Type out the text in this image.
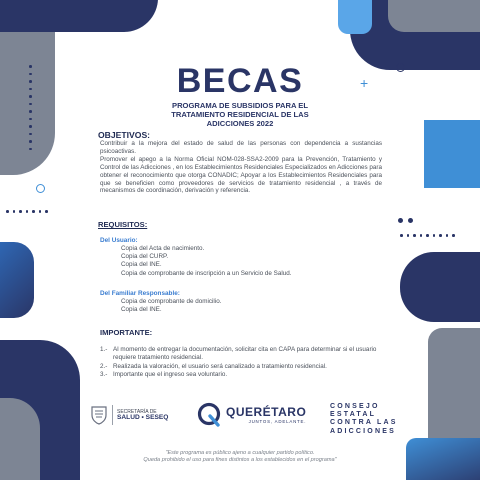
+
BECAS
PROGRAMA DE SUBSIDIOS PARA EL TRATAMIENTO RESIDENCIAL DE LAS ADICCIONES 2022
OBJETIVOS:

Contribuir a la mejora del estado de salud de las personas con dependencia a sustancias psicoactivas.

Promover el apego a la Norma Oficial NOM-028-SSA2-2009 para la Prevención, Tratamiento y Control de las Adicciones , en los Establecimientos Residenciales Especializados en Adicciones para obtener el reconocimiento que otorga CONADIC; Apoyar a los Establecimientos Residenciales para que se beneficien como proveedores de servicios de tratamiento residencial , a través de mecanismos de coordinación, derivación y referencia.

REQUISITOS:
Del Usuario:
Copia del Acta de nacimiento.
Copia del CURP.
Copia del INE.
Copia de comprobante de inscripción a un Servicio de Salud.
Del Familiar Responsable:
Copia de comprobante de domicilio.
Copia del INE.
IMPORTANTE:
1.- Al momento de entregar la documentación, solicitar cita en CAPA para determinar si el usuario requiere tratamiento residencial.
2.- Realizada la valoración, el usuario será canalizado a tratamiento residencial.
3.- Importante que el ingreso sea voluntario.
SECRETARÍA DE
SALUD • SESEQ	QUERÉTARO
JUNTOS, ADELANTE.
CONSEJO
ESTATAL
CONTRA LAS
ADICCIONES
"Este programa es público ajeno a cualquier partido político.
Queda prohibido el uso para fines distintos a los establecidos en el programa"
